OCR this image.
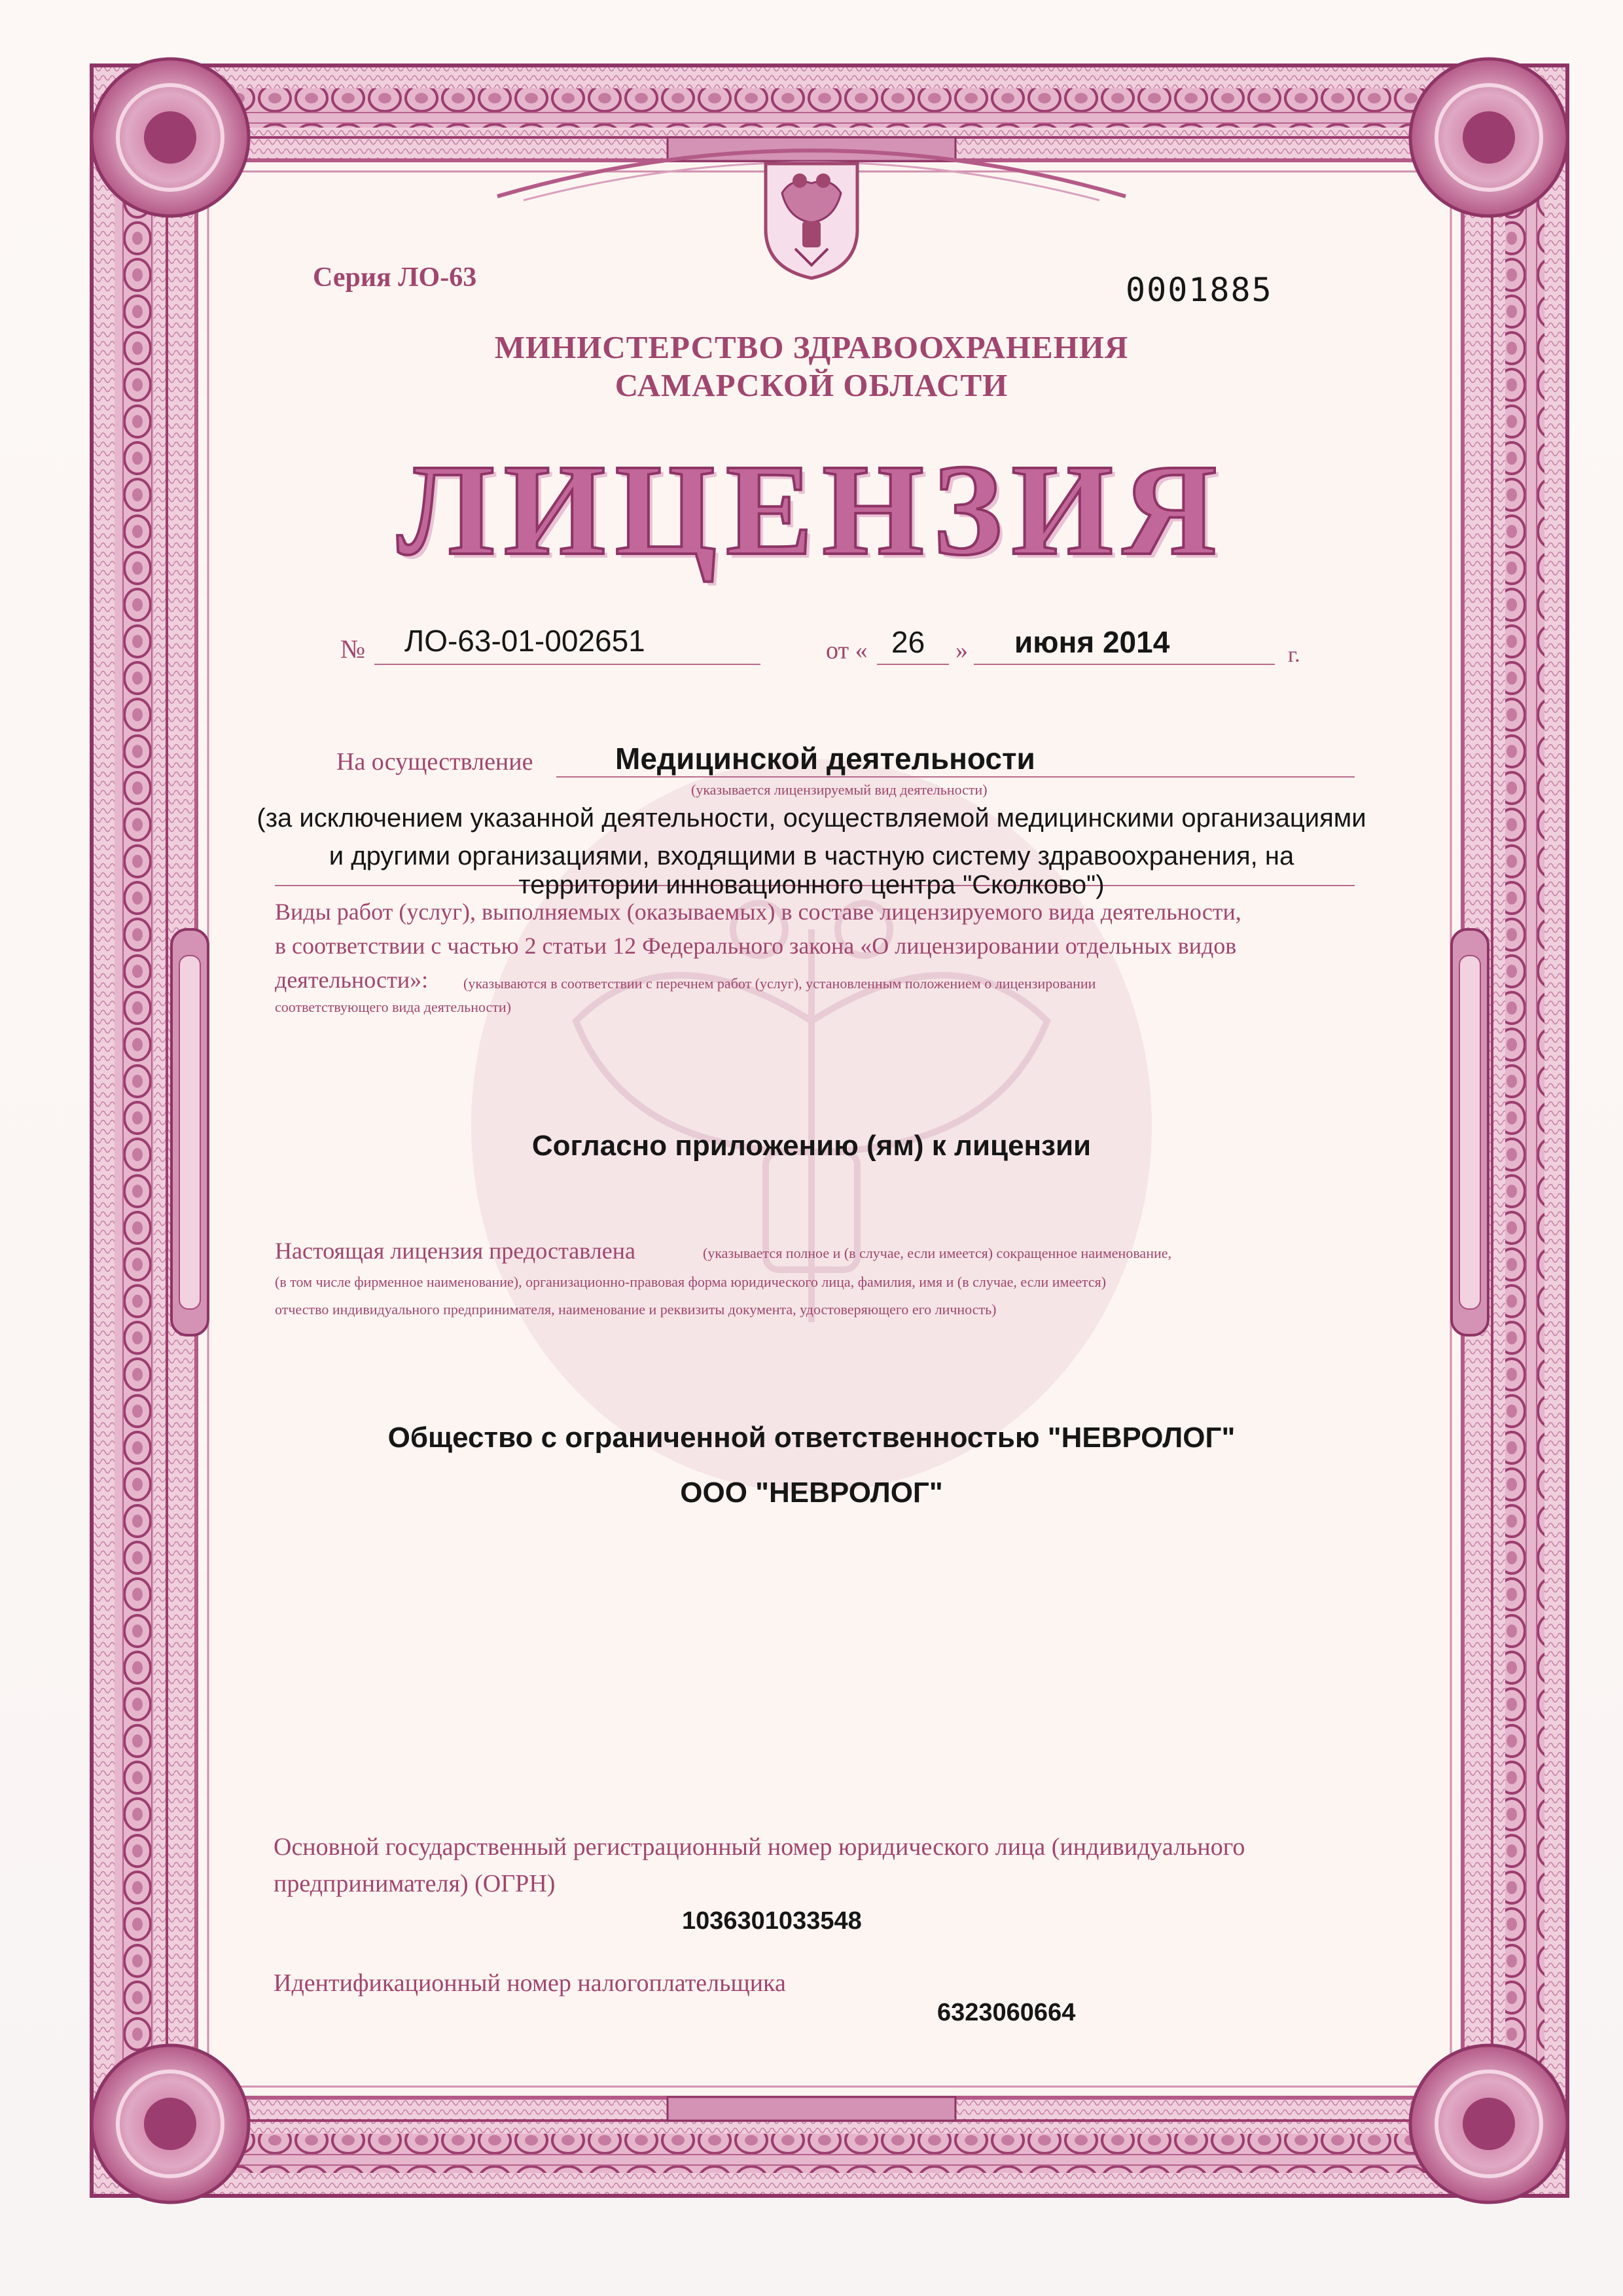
Серия ЛО-63	0001885

МИНИСТЕРСТВО ЗДРАВООХРАНЕНИЯ

САМАРСКОЙ ОБЛАСТИ

ЛИЦЕНЗИЯ

№ ЛО-63-01-002651	от « 26 » июня 2014	г.

На осуществление	Медицинской деятельности

(указывается лицензируемый вид деятельности)

(за исключением указанной деятельности, осуществляемой медицинскими организациями

и другими организациями, входящими в частную систему здравоохранения, на

территории инновационного центра "Сколково")

Виды работ (услуг), выполняемых (оказываемых) в составе лицензируемого вида деятельности,

в соответствии с частью 2 статьи 12 Федерального закона «О лицензировании отдельных видов

деятельности»: (указываются в соответствии с перечнем работ (услуг), установленным положением о лицензировании

соответствующего вида деятельности)

Согласно приложению (ям) к лицензии

Настоящая лицензия предоставлена	(указывается полное и (в случае, если имеется) сокращенное наименование,

(в том числе фирменное наименование), организационно-правовая форма юридического лица, фамилия, имя и (в случае, если имеется)

отчество индивидуального предпринимателя, наименование и реквизиты документа, удостоверяющего его личность)

Общество с ограниченной ответственностью "НЕВРОЛОГ"

ООО "НЕВРОЛОГ"

Основной государственный регистрационный номер юридического лица (индивидуального

предпринимателя) (ОГРН)

1036301033548

Идентификационный номер налогоплательщика

6323060664
